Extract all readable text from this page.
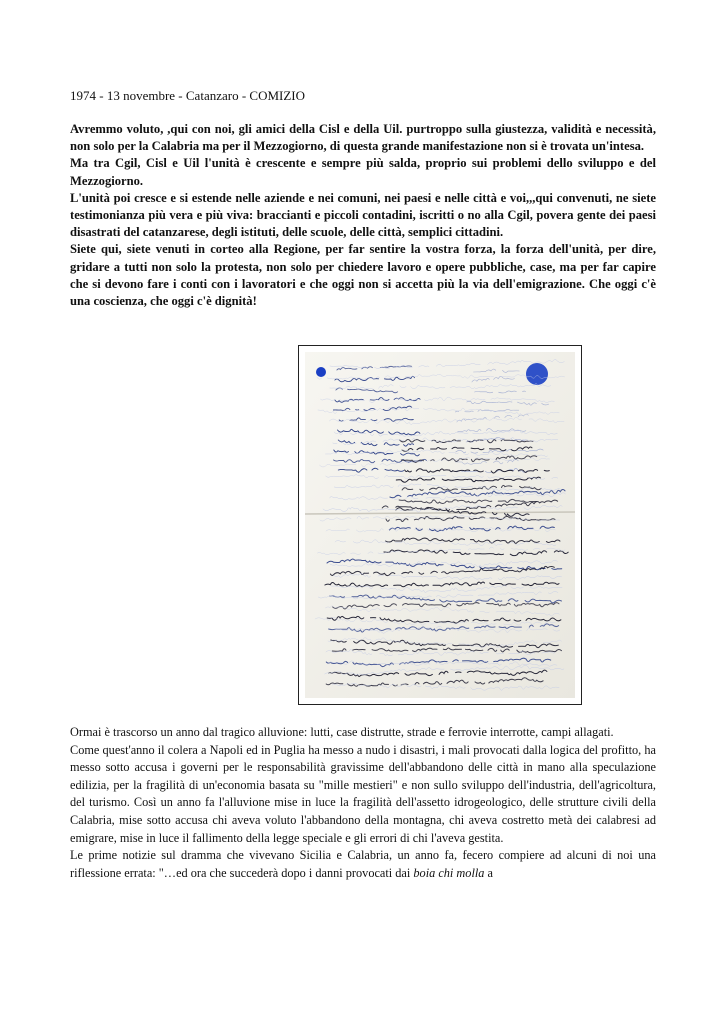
1974 - 13 novembre - Catanzaro - COMIZIO

Avremmo voluto, ,qui con noi, gli amici della Cisl e della Uil. purtroppo sulla giustezza, validità e necessità, non solo per la Calabria ma per il Mezzogiorno, di questa grande manifestazione non si è trovata un'intesa.

Ma tra Cgil, Cisl e Uil l'unità è crescente e sempre più salda, proprio sui problemi dello sviluppo e del Mezzogiorno.

L'unità poi cresce e si estende nelle aziende e nei comuni, nei paesi e nelle città e voi,,,qui convenuti, ne siete testimonianza più vera e più viva: braccianti e piccoli contadini, iscritti o no alla Cgil, povera gente dei paesi disastrati del catanzarese, degli istituti, delle scuole, delle città, semplici cittadini.

Siete qui, siete venuti in corteo alla Regione, per far sentire la vostra forza, la forza dell'unità, per dire, gridare a tutti non solo la protesta, non solo per chiedere lavoro e opere pubbliche, case, ma per far capire che si devono fare i conti con i lavoratori e che oggi non si accetta più la via dell'emigrazione. Che oggi c'è una coscienza, che oggi c'è dignità!

Ormai è trascorso un anno dal tragico alluvione: lutti, case distrutte, strade e ferrovie interrotte, campi allagati.

Come quest'anno il colera a Napoli ed in Puglia ha messo a nudo i disastri, i mali provocati dalla logica del profitto, ha messo sotto accusa i governi per le responsabilità gravissime dell'abbandono delle città in mano alla speculazione edilizia, per la fragilità di un'economia basata su "mille mestieri" e non sullo sviluppo dell'industria, dell'agricoltura, del turismo. Così un anno fa l'alluvione mise in luce la fragilità dell'assetto idrogeologico, delle strutture civili della Calabria, mise sotto accusa chi aveva voluto l'abbandono della montagna, chi aveva costretto metà dei calabresi ad emigrare, mise in luce il fallimento della legge speciale e gli errori di chi l'aveva gestita.

Le prime notizie sul dramma che vivevano Sicilia e Calabria, un anno fa, fecero compiere ad alcuni di noi una riflessione errata: "…ed ora che succederà dopo i danni provocati dai boia chi molla a
